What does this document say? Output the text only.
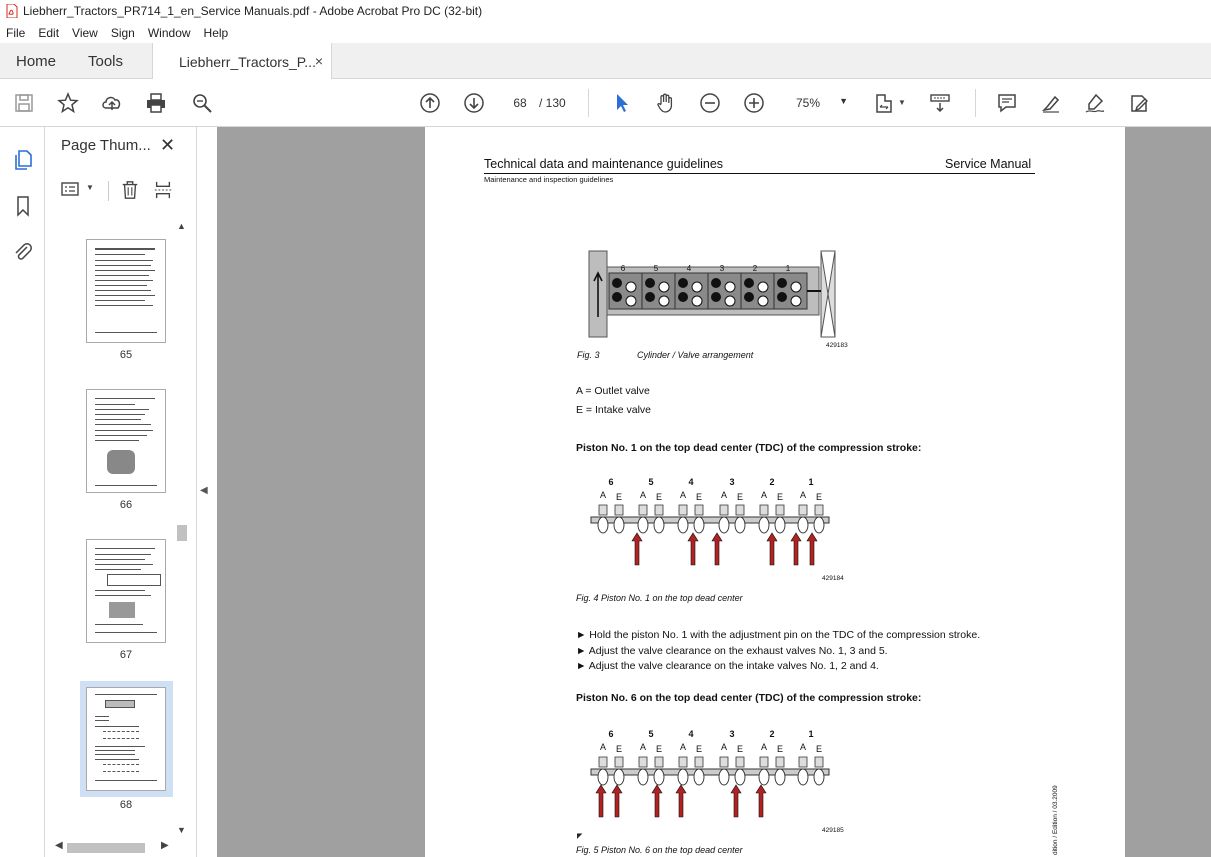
Liebherr_Tractors_PR714_1_en_Service Manuals.pdf - Adobe Acrobat Pro DC (32-bit)
File Edit View Sign Window Help
Home Tools	Liebherr_Tractors_P...
×
68	/ 130	75% ▼	▼
Page Thum... ✕
▼
65
66
67
68
▲
▼
◀	▶
◀
Technical data and maintenance guidelines	Service Manual
Maintenance and inspection guidelines
6	5	4	3	2	1
429183
Fig. 3	Cylinder / Valve arrangement
A = Outlet valve
E = Intake valve
Piston No. 1 on the top dead center (TDC) of the compression stroke:
6	5	4	3	2	1
A E A E A E A E A E A E
429184
Fig. 4 Piston No. 1 on the top dead center
► Hold the piston No. 1 with the adjustment pin on the TDC of the compression stroke.
► Adjust the valve clearance on the exhaust valves No. 1, 3 and 5.
► Adjust the valve clearance on the intake valves No. 1, 2 and 4.
Piston No. 6 on the top dead center (TDC) of the compression stroke:
6	5	4	3	2	1
A E A E A E A E A E A E
◤
429185
Fig. 5 Piston No. 6 on the top dead center	dition / Edition / 03.2009
